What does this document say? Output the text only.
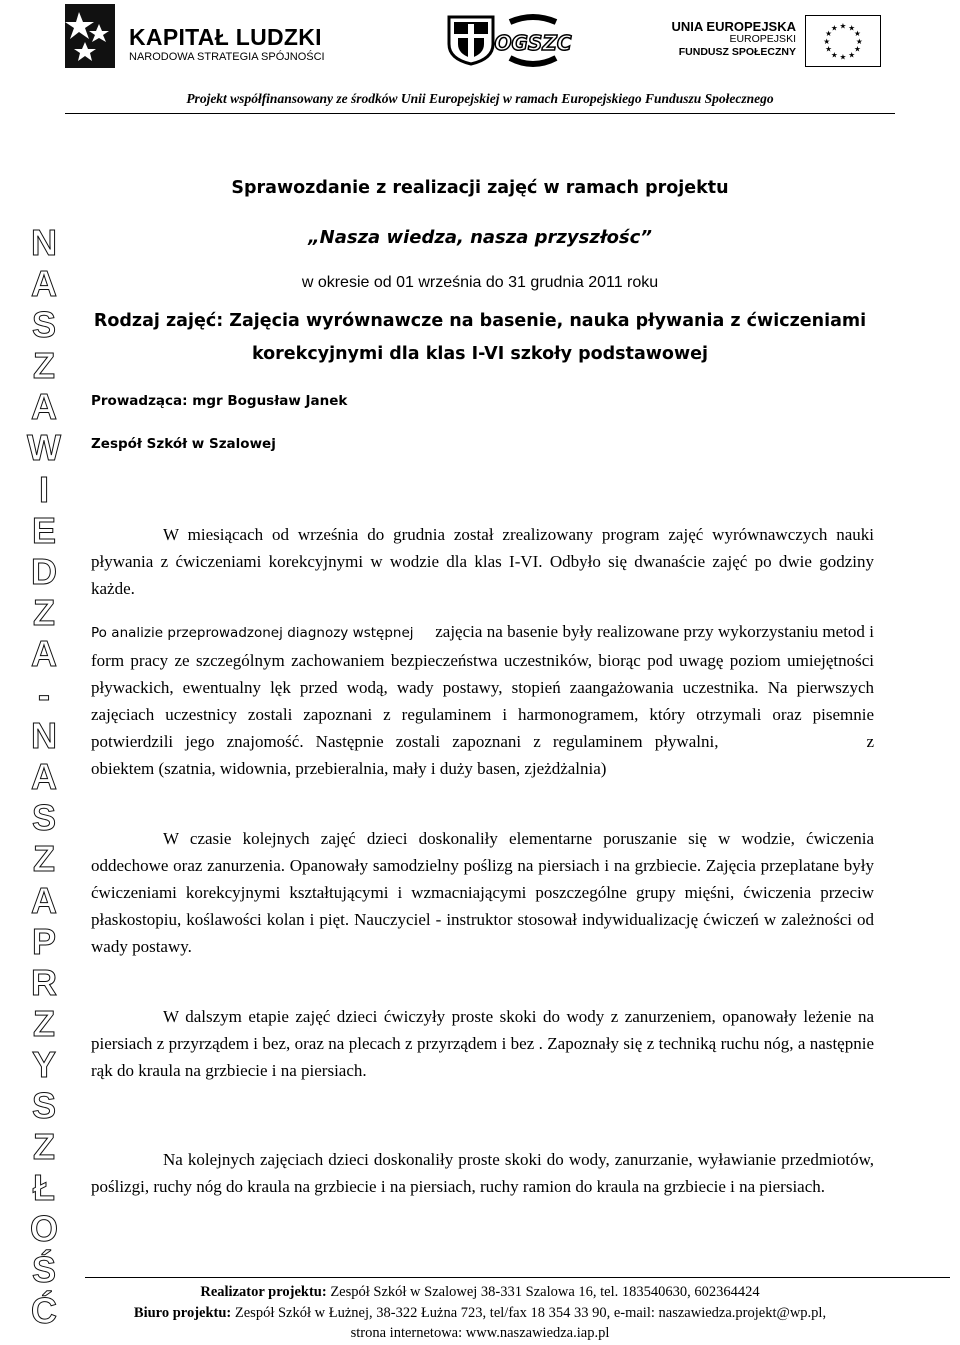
KAPITAŁ LUDZKI
NARODOWA STRATEGIA SPÓJNOŚCI
OGSZC
UNIA EUROPEJSKA
EUROPEJSKI
FUNDUSZ SPOŁECZNY
★ ★
★
★
★
★
★
★
★
★
★
★
Projekt współfinansowany ze środków Unii Europejskiej w ramach Europejskiego Funduszu Społecznego
N
A
S
Z
A
W
I
E
D
Z
A
-
N
A
S
Z
A
P
R
Z
Y
S
Z
Ł
O
Ś
Ć
Sprawozdanie z realizacji zajęć w ramach projektu
„Nasza wiedza, nasza przyszłośc”
w okresie od 01 września do 31 grudnia 2011 roku
Rodzaj zajęć: Zajęcia wyrównawcze na basenie, nauka pływania z ćwiczeniami
korekcyjnymi dla klas I-VI szkoły podstawowej
Prowadząca: mgr Bogusław Janek
Zespół Szkół w Szalowej
W miesiącach od września do grudnia został zrealizowany program zajęć wyrównawczych nauki pływania z ćwiczeniami korekcyjnymi w wodzie dla klas I-VI. Odbyło się dwanaście zajęć po dwie godziny każde.
Po analizie przeprowadzonej diagnozy wstępnej zajęcia na basenie były realizowane przy wykorzystaniu metod i form pracy ze szczególnym zachowaniem bezpieczeństwa uczestników, biorąc pod uwagę poziom umiejętności pływackich, ewentualny lęk przed wodą, wady postawy, stopień zaangażowania uczestnika. Na pierwszych zajęciach uczestnicy zostali zapoznani z regulaminem i harmonogramem, który otrzymali oraz pisemnie potwierdzili jego znajomość. Następnie zostali zapoznani z regulaminem pływalni,	z obiektem (szatnia, widownia, przebieralnia, mały i duży basen, zjeżdżalnia)
W czasie kolejnych zajęć dzieci doskonaliły elementarne poruszanie się w wodzie, ćwiczenia oddechowe oraz zanurzenia. Opanowały samodzielny poślizg na piersiach i na grzbiecie. Zajęcia przeplatane były ćwiczeniami korekcyjnymi kształtującymi i wzmacniającymi poszczególne grupy mięśni, ćwiczenia przeciw płaskostopiu, koślawości kolan i pięt. Nauczyciel - instruktor stosował indywidualizację ćwiczeń w zależności od wady postawy.
W dalszym etapie zajęć dzieci ćwiczyły proste skoki do wody z zanurzeniem, opanowały leżenie na piersiach z przyrządem i bez, oraz na plecach z przyrządem i bez . Zapoznały się z techniką ruchu nóg, a następnie rąk do kraula na grzbiecie i na piersiach.
Na kolejnych zajęciach dzieci doskonaliły proste skoki do wody, zanurzanie, wyławianie przedmiotów, poślizgi, ruchy nóg do kraula na grzbiecie i na piersiach, ruchy ramion do kraula na grzbiecie i na piersiach.
Realizator projektu: Zespół Szkół w Szalowej 38-331 Szalowa 16, tel. 183540630, 602364424
Biuro projektu: Zespół Szkół w Łużnej, 38-322 Łużna 723, tel/fax 18 354 33 90, e-mail: naszawiedza.projekt@wp.pl,
strona internetowa: www.naszawiedza.iap.pl
